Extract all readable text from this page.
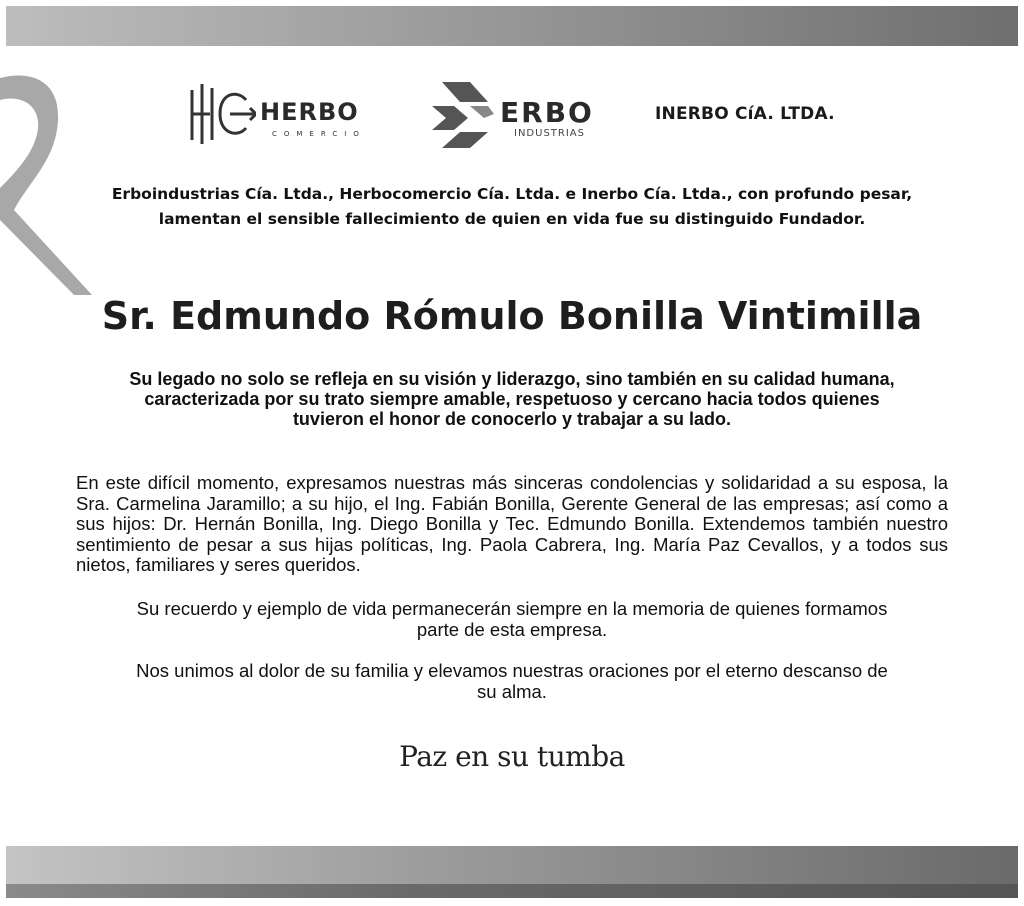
HERBO
COMERCIO
ERBO
INDUSTRIAS
INERBO CíA. LTDA.
Erboindustrias Cía. Ltda., Herbocomercio Cía. Ltda. e Inerbo Cía. Ltda., con profundo pesar,
lamentan el sensible fallecimiento de quien en vida fue su distinguido Fundador.
Sr. Edmundo Rómulo Bonilla Vintimilla
Su legado no solo se refleja en su visión y liderazgo, sino también en su calidad humana,
caracterizada por su trato siempre amable, respetuoso y cercano hacia todos quienes
tuvieron el honor de conocerlo y trabajar a su lado.

En este difícil momento, expresamos nuestras más sinceras condolencias y solidaridad a su esposa, la Sra. Carmelina Jaramillo; a su hijo, el Ing. Fabián Bonilla, Gerente General de las empresas; así como a sus hijos: Dr. Hernán Bonilla, Ing. Diego Bonilla y Tec. Edmundo Bonilla. Extendemos también nuestro sentimiento de pesar a sus hijas políticas, Ing. Paola Cabrera, Ing. María Paz Cevallos, y a todos sus nietos, familiares y seres queridos.

Su recuerdo y ejemplo de vida permanecerán siempre en la memoria de quienes formamos
parte de esta empresa.
Nos unimos al dolor de su familia y elevamos nuestras oraciones por el eterno descanso de
su alma.
Paz en su tumba
